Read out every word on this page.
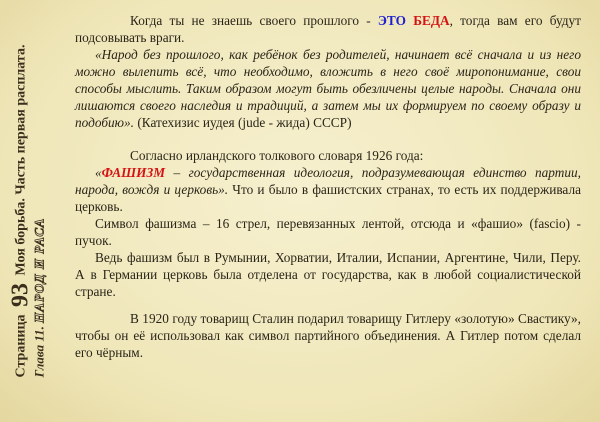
Страница 93 Моя борьба. Часть первая расплата.
Глава 11. НАРОД И РАСА

Когда ты не знаешь своего прошлого - ЭТО БЕДА, тогда вам его будут подсовывать враги.

«Народ без прошлого, как ребёнок без родителей, начинает всё сначала и из него можно вылепить всё, что необходимо, вложить в него своё миропонимание, свои способы мыслить. Таким образом могут быть обезличены целые народы. Сначала они лишаются своего наследия и традиций, а затем мы их формируем по своему образу и подобию». (Катехизис иудея (jude - жида) СССР)

Согласно ирландского толкового словаря 1926 года:

«ФАШИЗМ – государственная идеология, подразумевающая единство партии, народа, вождя и церковь». Что и было в фашистских странах, то есть их поддерживала церковь.

Символ фашизма – 16 стрел, перевязанных лентой, отсюда и «фашио» (fascio) - пучок.

Ведь фашизм был в Румынии, Хорватии, Италии, Испании, Аргентине, Чили, Перу. А в Германии церковь была отделена от государства, как в любой социалистической стране.

В 1920 году товарищ Сталин подарил товарищу Гитлеру «золотую» Свастику», чтобы он её использовал как символ партийного объединения. А Гитлер потом сделал его чёрным.
